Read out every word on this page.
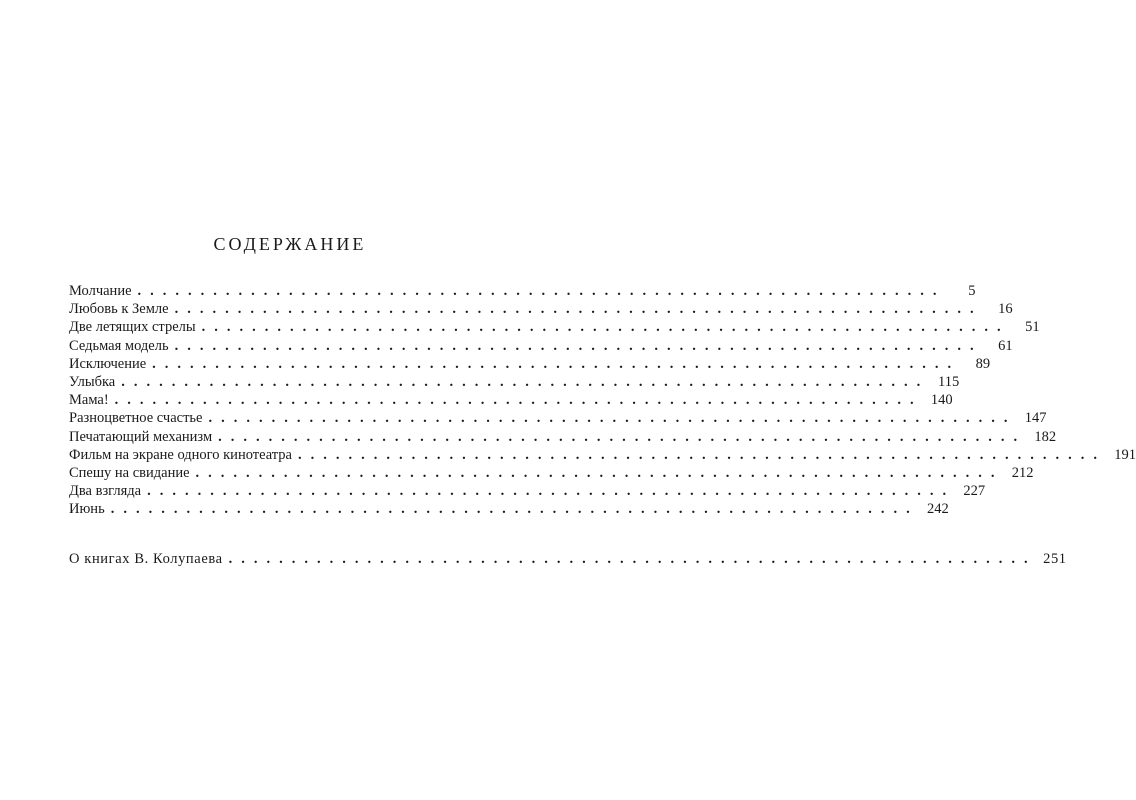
СОДЕРЖАНИЕ
Молчание ................................................................	5
Любовь к Земле ................................................................	16
Две летящих стрелы ................................................................	51
Седьмая модель ................................................................	61
Исключение ................................................................	89
Улыбка ................................................................ 115
Мама! ................................................................ 140
Разноцветное счастье ................................................................ 147
Печатающий механизм ................................................................ 182
Фильм на экране одного кинотеатра ................................................................ 191
Спешу на свидание ................................................................ 212
Два взгляда ................................................................ 227
Июнь ................................................................ 242
О книгах В. Колупаева ................................................................ 251
